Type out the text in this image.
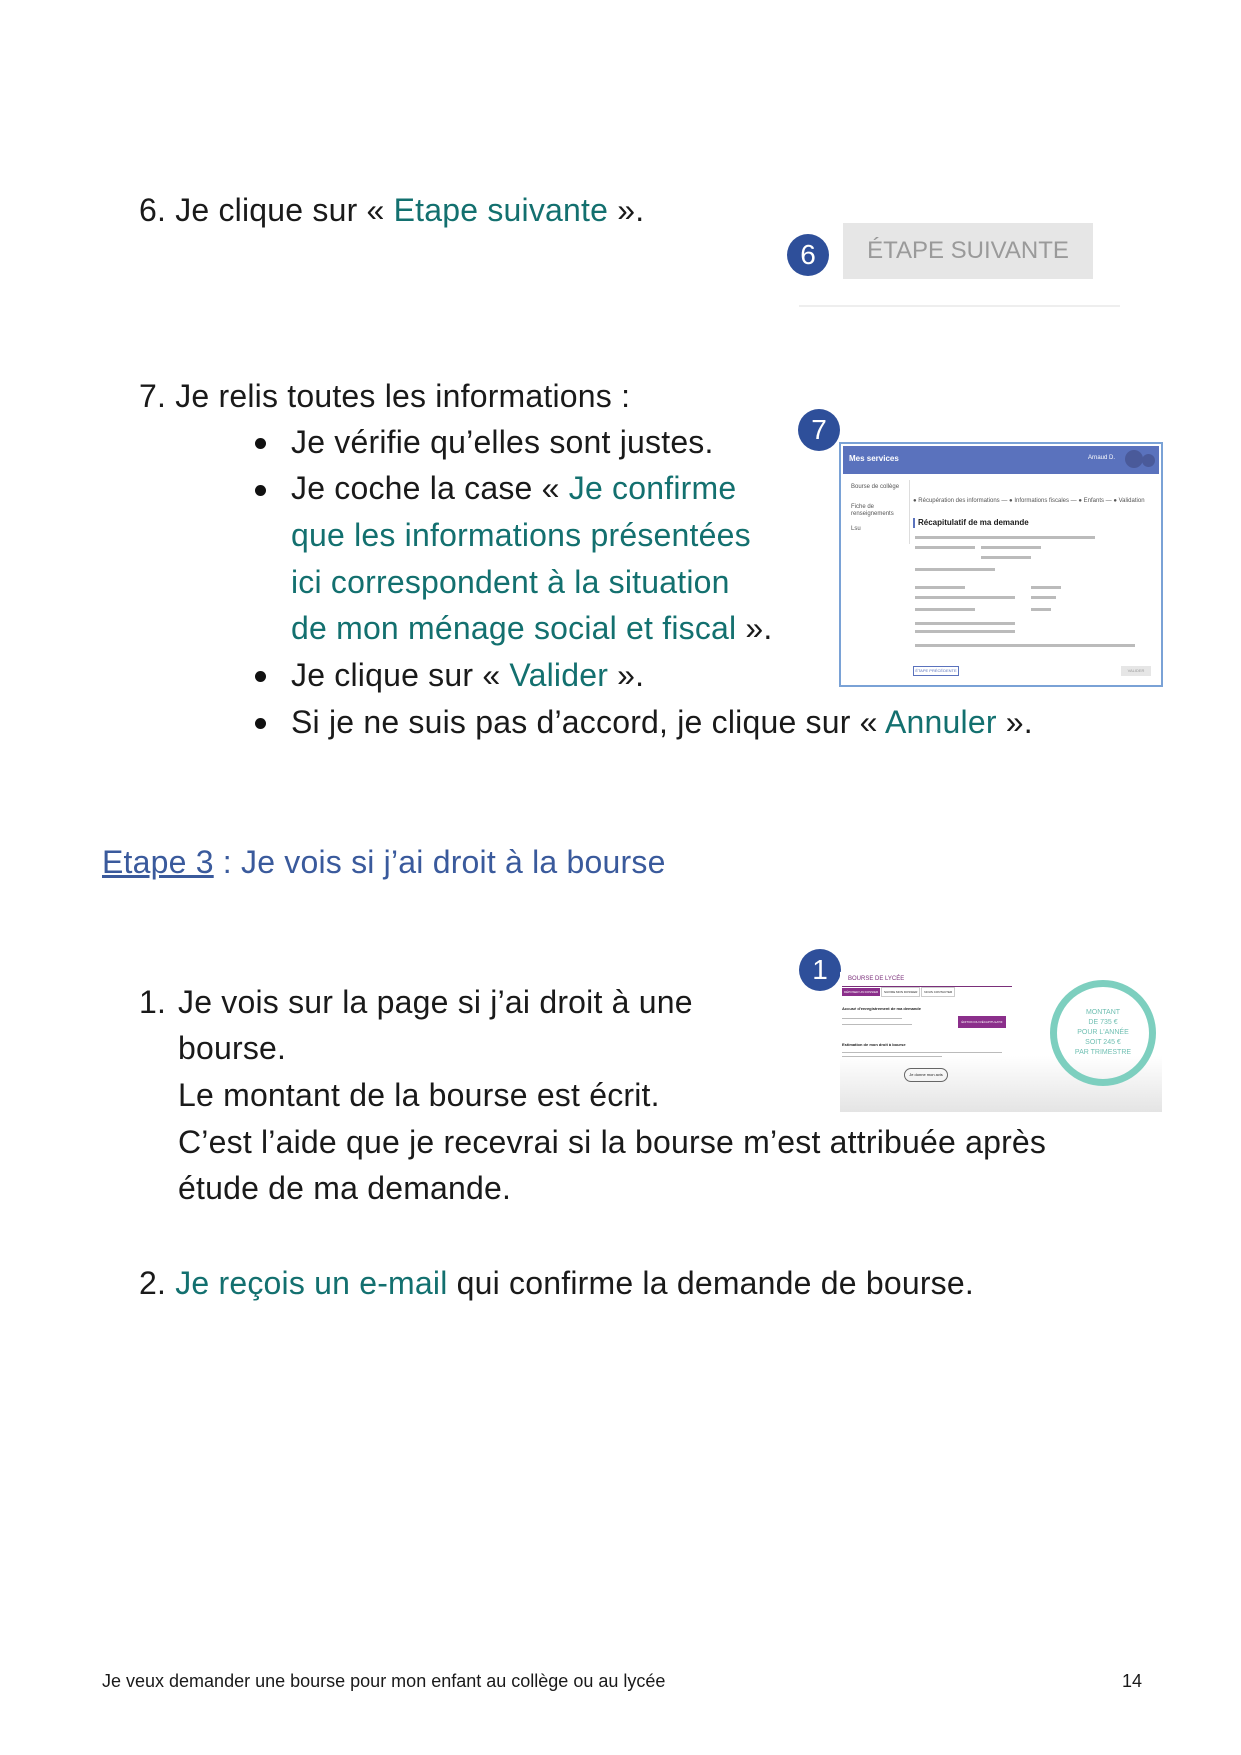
6. Je clique sur « Etape suivante ».
6	ÉTAPE SUIVANTE
7. Je relis toutes les informations :
Je vérifie qu’elles sont justes.
Je coche la case « Je confirme
que les informations présentées
ici correspondent à la situation
de mon ménage social et fiscal ».
Je clique sur « Valider ».
Si je ne suis pas d’accord, je clique sur « Annuler ».
7
Mes services	Arnaud D.
Bourse de collège
Fiche de renseignements
Lsu
● Récupération des informations — ● Informations fiscales — ● Enfants — ● Validation
Récapitulatif de ma demande
ÉTAPE PRÉCÉDENTE	VALIDER
Etape 3 : Je vois si j’ai droit à la bourse
1. Je vois sur la page si j’ai droit à une
bourse.
Le montant de la bourse est écrit.
C’est l’aide que je recevrai si la bourse m’est attribuée après
étude de ma demande.
1	BOURSE DE LYCÉE
DÉPOSER UN DOSSIER SUIVRE MON DOSSIER NOUS CONTACTER
Accusé d'enregistrement de ma demande
ÉDITION DU RÉCAPITULATIF
Estimation de mon droit à bourse
Je donne mon avis
MONTANT
DE 735 €
POUR L'ANNÉE
SOIT 245 €
PAR TRIMESTRE
2. Je reçois un e-mail qui confirme la demande de bourse.
Je veux demander une bourse pour mon enfant au collège ou au lycée	14
